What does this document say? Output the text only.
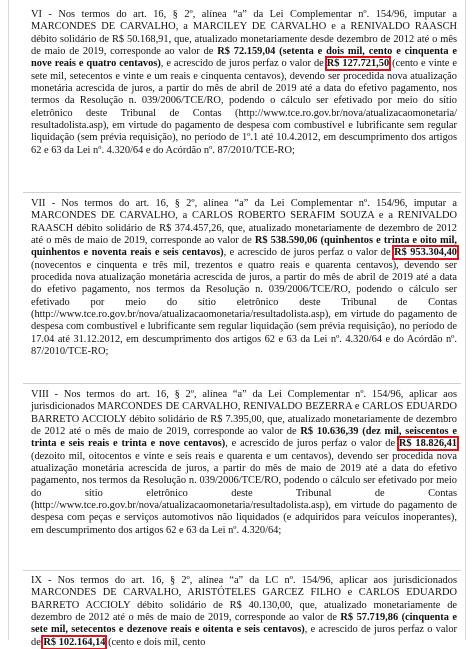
VI - Nos termos do art. 16, § 2º, alínea “a” da Lei Complementar nº. 154/96, imputar a MARCONDES DE CARVALHO, a MARCILEY DE CARVALHO e a RENIVALDO RAASCH débito solidário de R$ 50.168,91, que, atualizado monetariamente desde dezembro de 2012 até o mês de maio de 2019, corresponde ao valor de R$ 72.159,04 (setenta e dois mil, cento e cinquenta e nove reais e quatro centavos), e acrescido de juros perfaz o valor de R$ 127.721,50 (cento e vinte e sete mil, setecentos e vinte e um reais e cinquenta centavos), devendo ser procedida nova atualização monetária acrescida de juros, a partir do mês de abril de 2019 até a data do efetivo pagamento, nos termos da Resolução n. 039/2006/TCE/RO, podendo o cálculo ser efetivado por meio do sítio eletrônico deste Tribunal de Contas (http://www.tce.ro.gov.br/nova/atualizacaomonetaria/ resultadolista.asp), em virtude do pagamento de despesa com combustível e lubrificante sem regular liquidação (sem prévia requisição), no período de 1º.1 até 10.4.2012, em descumprimento dos artigos 62 e 63 da Lei nº. 4.320/64 e do Acórdão nº. 87/2010/TCE-RO;

VII - Nos termos do art. 16, § 2º, alínea “a” da Lei Complementar nº. 154/96, imputar a MARCONDES DE CARVALHO, a CARLOS ROBERTO SERAFIM SOUZA e a RENIVALDO RAASCH débito solidário de R$ 374.457,26, que, atualizado monetariamente de dezembro de 2012 até o mês de maio de 2019, corresponde ao valor de R$ 538.590,06 (quinhentos e trinta e oito mil, quinhentos e noventa reais e seis centavos), e acrescido de juros perfaz o valor de R$ 953.304,40 (novecentos e cinquenta e três mil, trezentos e quatro reais e quarenta centavos), devendo ser procedida nova atualização monetária acrescida de juros, a partir do mês de abril de 2019 até a data do efetivo pagamento, nos termos da Resolução n. 039/2006/TCE/RO, podendo o cálculo ser efetivado por meio do sítio eletrônico deste Tribunal de Contas (http://www.tce.ro.gov.br/nova/atualizacaomonetaria/resultadolista.asp), em virtude do pagamento de despesa com combustível e lubrificante sem regular liquidação (sem prévia requisição), no período de 17.04 até 31.12.2012, em descumprimento dos artigos 62 e 63 da Lei nº. 4.320/64 e do Acórdão nº. 87/2010/TCE-RO;

VIII - Nos termos do art. 16, § 2º, alínea “a” da Lei Complementar nº. 154/96, aplicar aos jurisdicionados MARCONDES DE CARVALHO, RENIVALDO BEZERRA e CARLOS EDUARDO BARRETO ACCIOLY débito solidário de R$ 7.395,00, que, atualizado monetariamente de dezembro de 2012 até o mês de maio de 2019, corresponde ao valor de R$ 10.636,39 (dez mil, seiscentos e trinta e seis reais e trinta e nove centavos), e acrescido de juros perfaz o valor de R$ 18.826,41 (dezoito mil, oitocentos e vinte e seis reais e quarenta e um centavos), devendo ser procedida nova atualização monetária acrescida de juros, a partir do mês de maio de 2019 até a data do efetivo pagamento, nos termos da Resolução n. 039/2006/TCE/RO, podendo o cálculo ser efetivado por meio do sítio eletrônico deste Tribunal de Contas (http://www.tce.ro.gov.br/nova/atualizacaomonetaria/resultadolista.asp), em virtude do pagamento de despesa com peças e serviços automotivos não liquidados (e adquiridos para veículos inoperantes), em descumprimento dos artigos 62 e 63 da Lei nº. 4.320/64;

IX - Nos termos do art. 16, § 2º, alínea “a” da LC nº. 154/96, aplicar aos jurisdicionados MARCONDES DE CARVALHO, ARISTÓTELES GARCEZ FILHO e CARLOS EDUARDO BARRETO ACCIOLY débito solidário de R$ 40.130,00, que, atualizado monetariamente de dezembro de 2012 até o mês de maio de 2019, corresponde ao valor de R$ 57.719,86 (cinquenta e sete mil, setecentos e dezenove reais e oitenta e seis centavos), e acrescido de juros perfaz o valor de R$ 102.164,14 (cento e dois mil, cento
